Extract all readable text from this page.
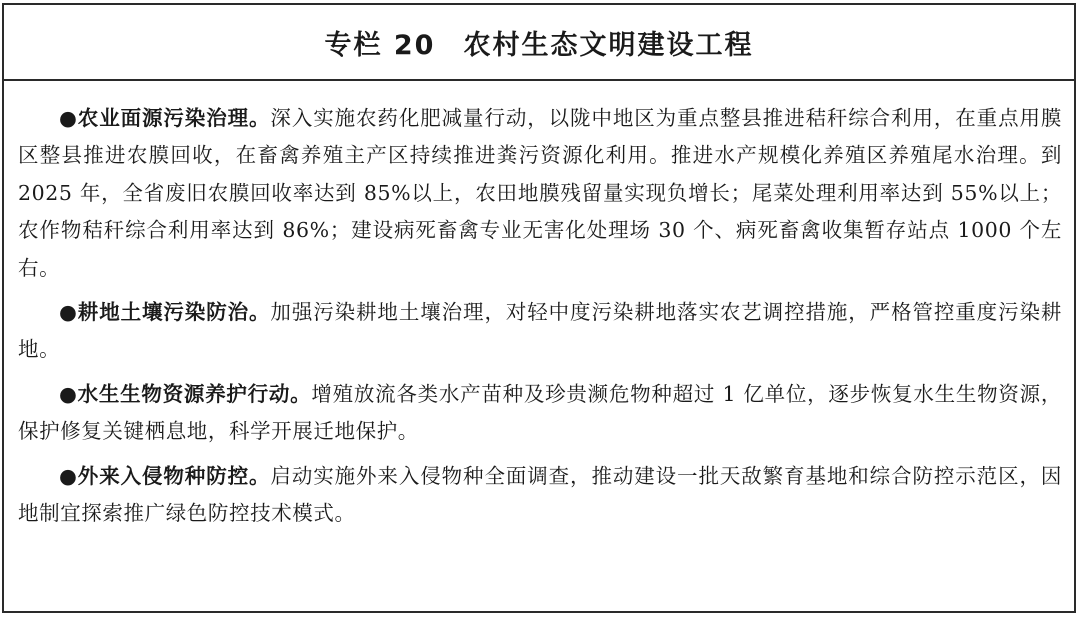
专栏 20 农村生态文明建设工程

●农业面源污染治理。深入实施农药化肥减量行动，以陇中地区为重点整县推进秸秆综合利用，在重点用膜区整县推进农膜回收，在畜禽养殖主产区持续推进粪污资源化利用。推进水产规模化养殖区养殖尾水治理。到 2025 年，全省废旧农膜回收率达到 85%以上，农田地膜残留量实现负增长；尾菜处理利用率达到 55%以上；农作物秸秆综合利用率达到 86%；建设病死畜禽专业无害化处理场 30 个、病死畜禽收集暂存站点 1000 个左右。

●耕地土壤污染防治。加强污染耕地土壤治理，对轻中度污染耕地落实农艺调控措施，严格管控重度污染耕地。

●水生生物资源养护行动。增殖放流各类水产苗种及珍贵濒危物种超过 1 亿单位，逐步恢复水生生物资源，保护修复关键栖息地，科学开展迁地保护。

●外来入侵物种防控。启动实施外来入侵物种全面调查，推动建设一批天敌繁育基地和综合防控示范区，因地制宜探索推广绿色防控技术模式。
